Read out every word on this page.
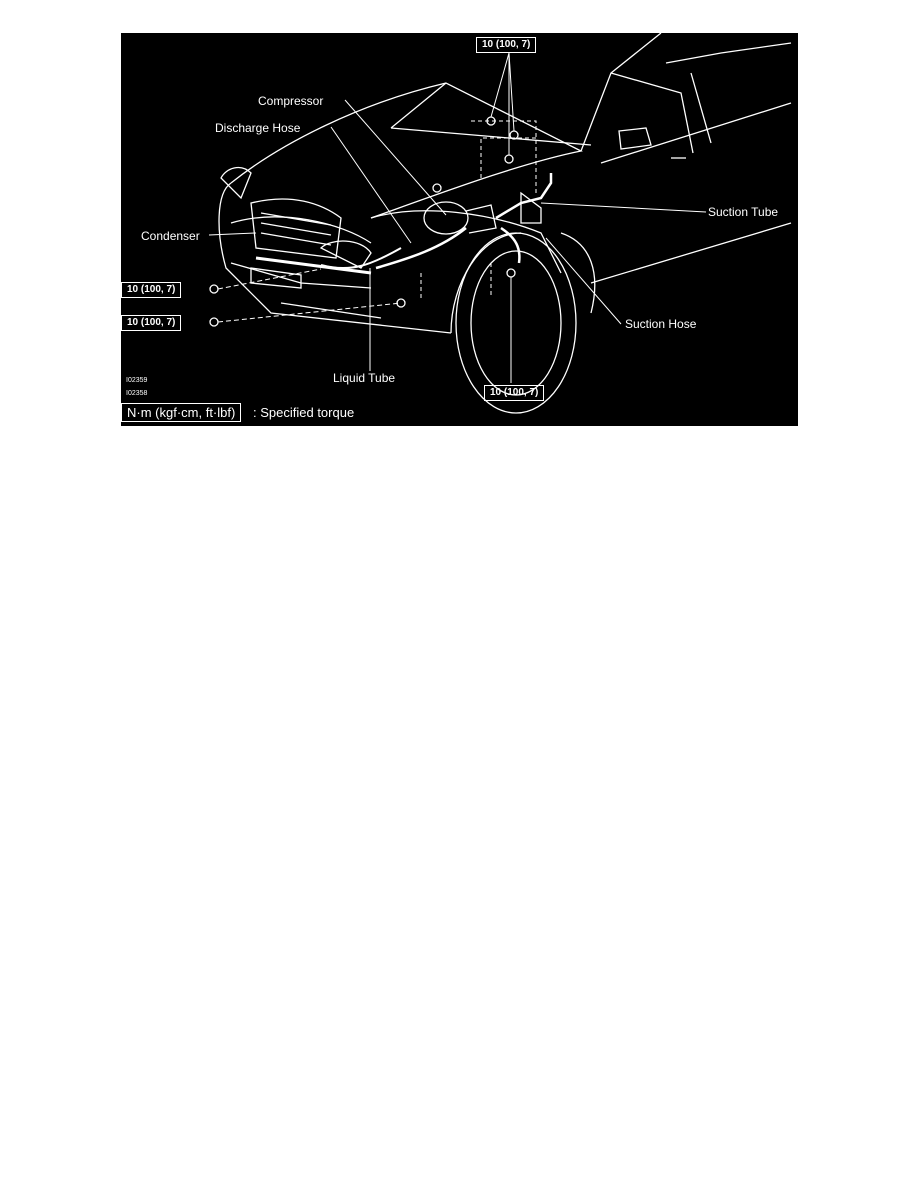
Compressor
Discharge Hose
Condenser
Suction Tube
Suction Hose
Liquid Tube
10 (100, 7)
10 (100, 7)
10 (100, 7)
10 (100, 7)
I02359
I02358
N·m (kgf·cm, ft·lbf)	: Specified torque
